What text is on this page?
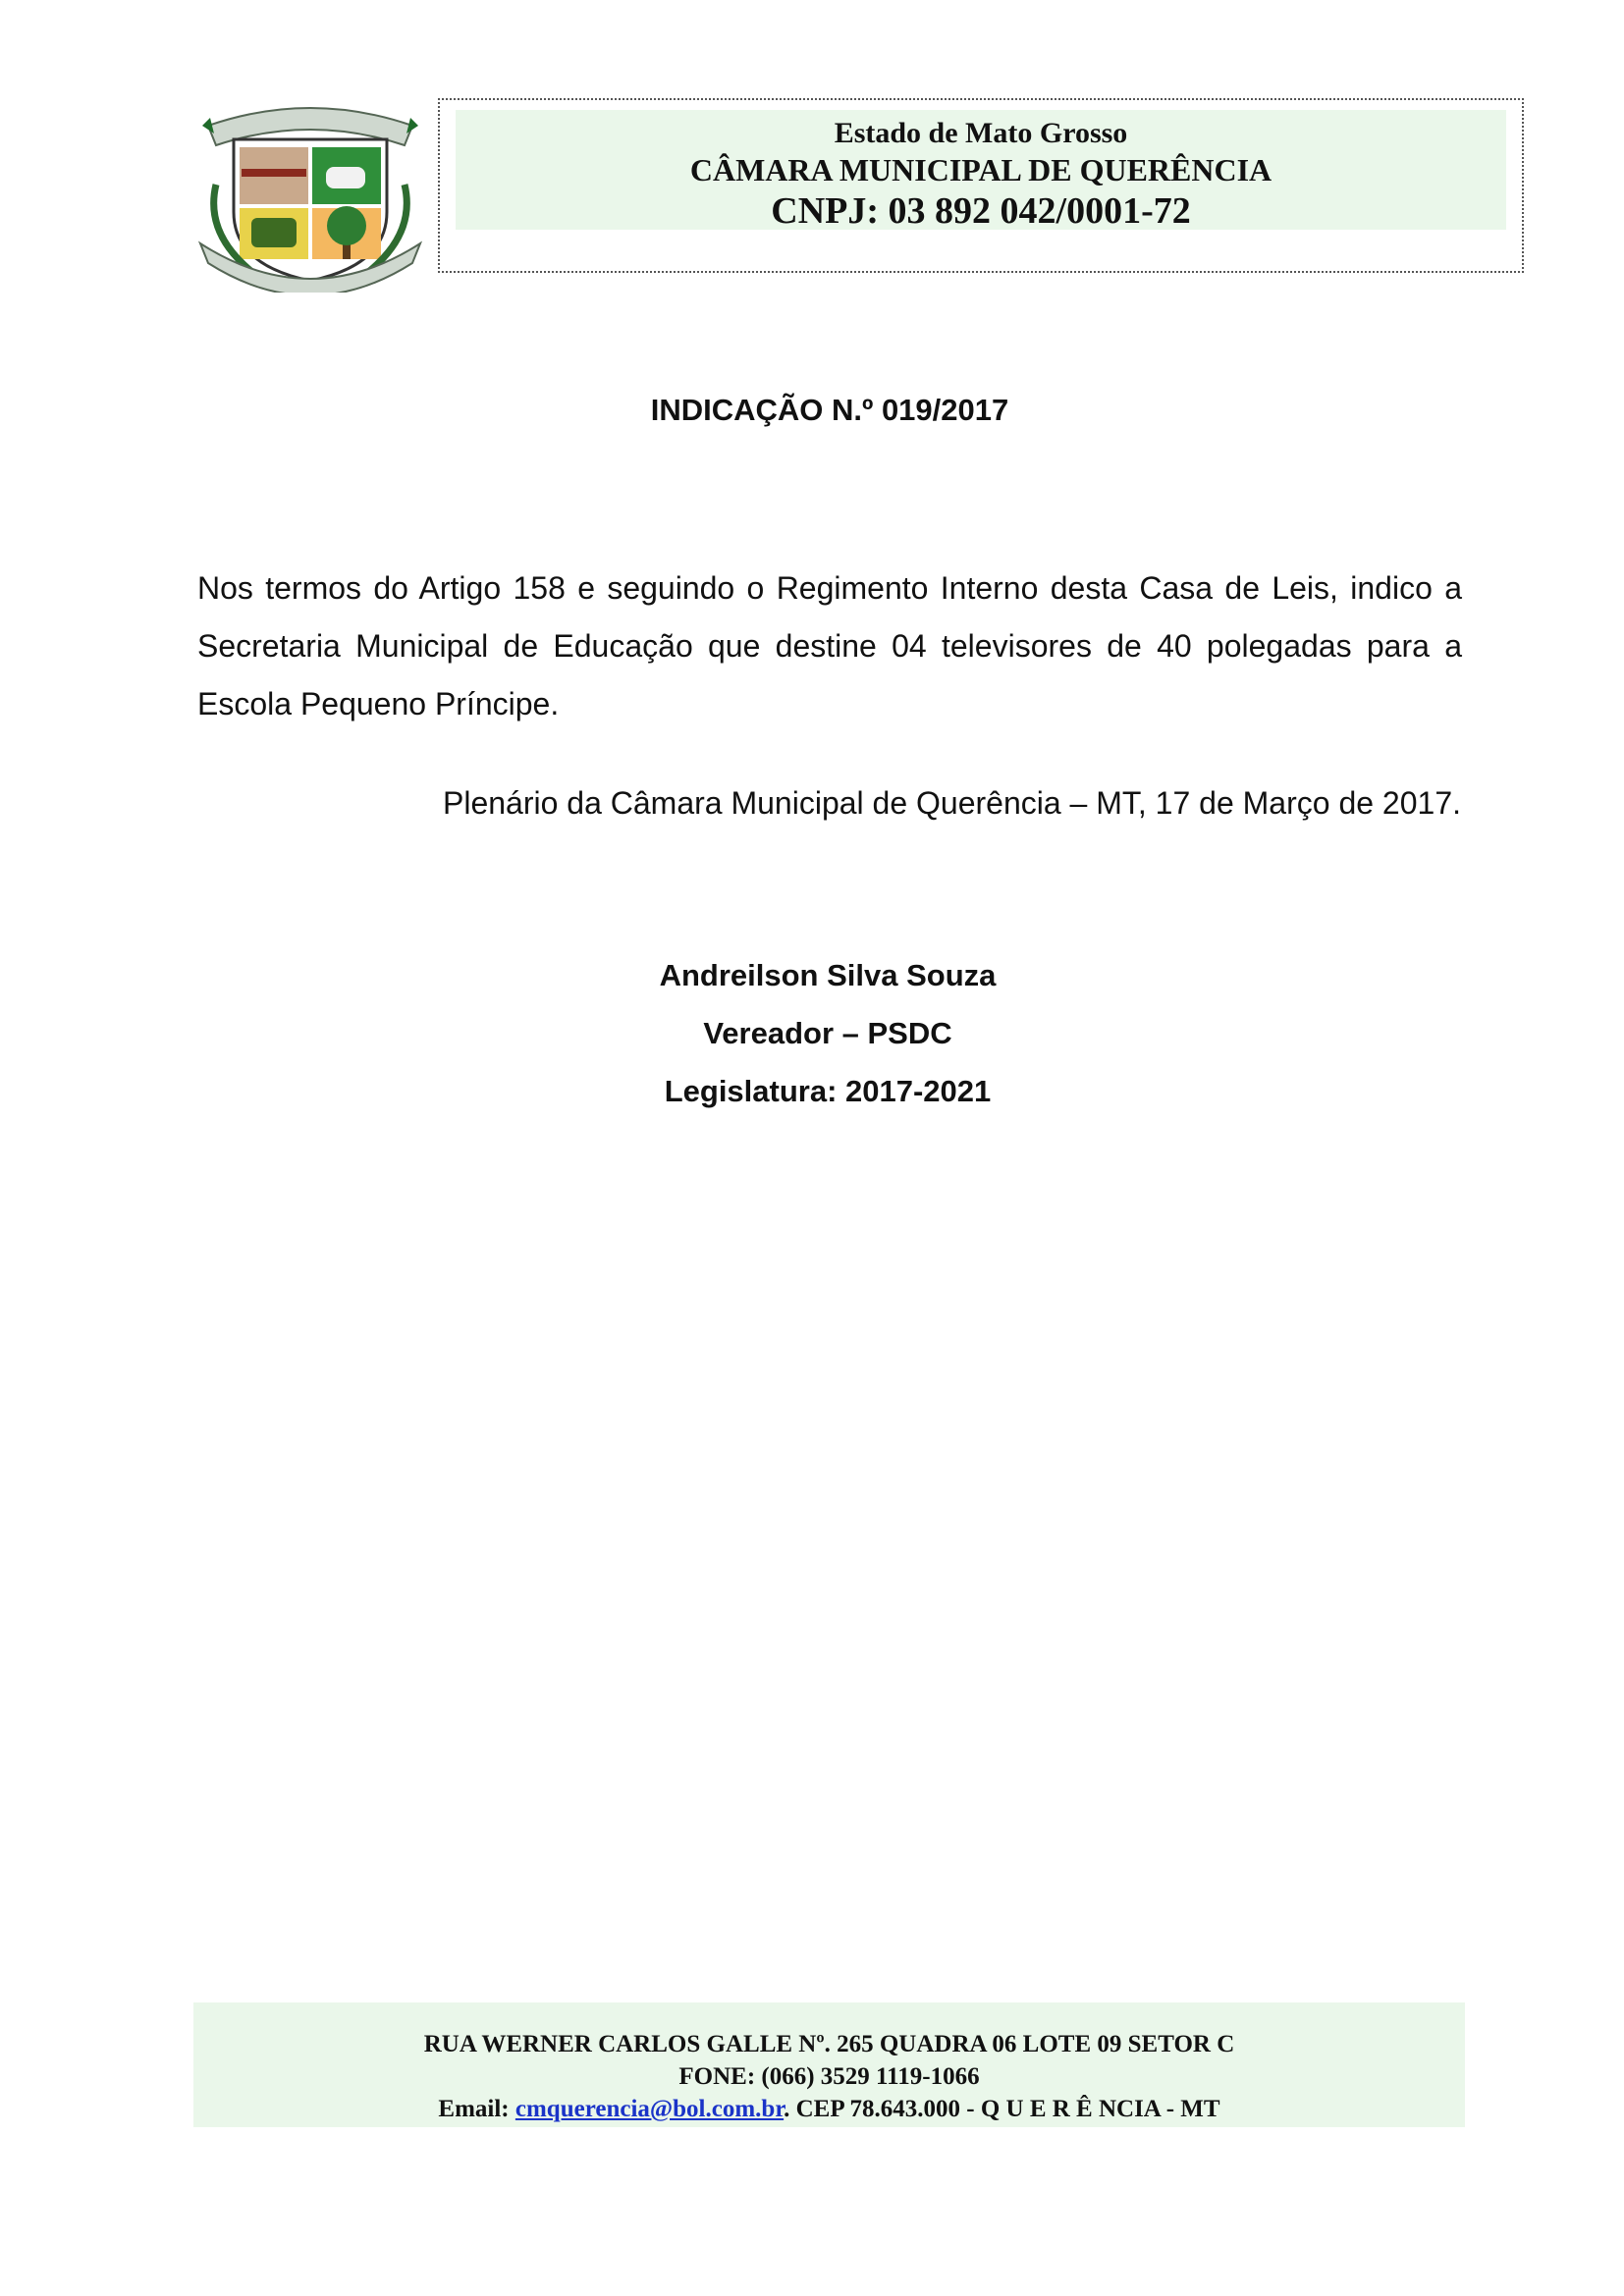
Estado de Mato Grosso
CÂMARA MUNICIPAL DE QUERÊNCIA
CNPJ: 03 892 042/0001-72
INDICAÇÃO N.º 019/2017
Nos termos do Artigo 158 e seguindo o Regimento Interno desta Casa de Leis, indico a Secretaria Municipal de Educação que destine 04 televisores de 40 polegadas para a Escola Pequeno Príncipe.
Plenário da Câmara Municipal de Querência – MT, 17 de Março de 2017.
Andreilson Silva Souza
Vereador – PSDC
Legislatura: 2017-2021
RUA WERNER CARLOS GALLE Nº. 265 QUADRA 06 LOTE 09 SETOR C
FONE: (066) 3529 1119-1066
Email: cmquerencia@bol.com.br. CEP 78.643.000 - Q U E R Ê NCIA - MT
